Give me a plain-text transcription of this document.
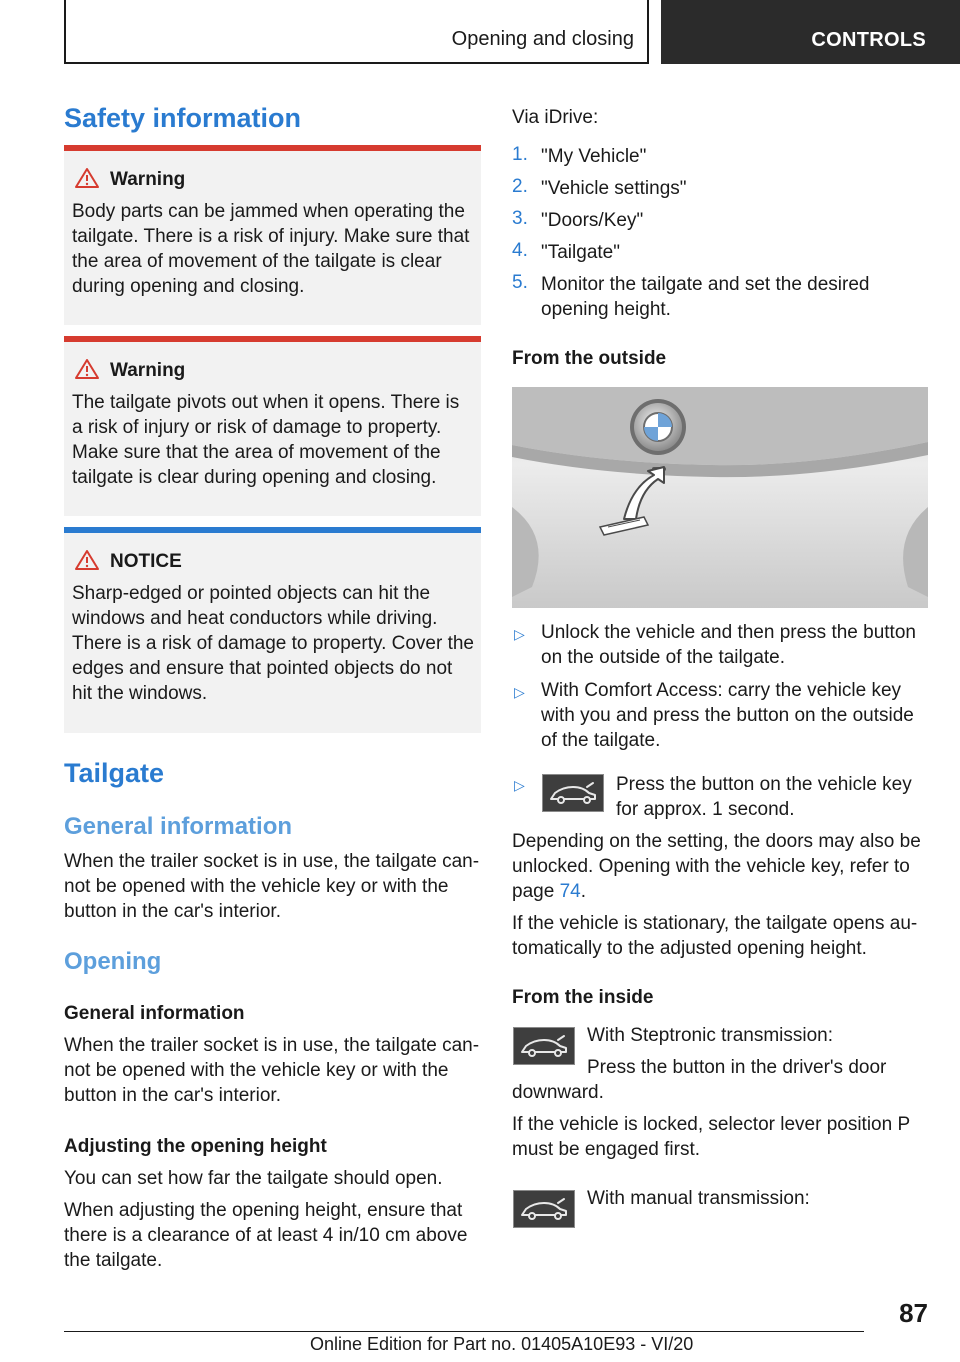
Opening and closing	CONTROLS
Safety information
Warning
Body parts can be jammed when operating the tailgate. There is a risk of injury. Make sure that the area of movement of the tailgate is clear during opening and closing.
Warning
The tailgate pivots out when it opens. There is a risk of injury or risk of damage to property. Make sure that the area of movement of the tailgate is clear during opening and closing.
NOTICE
Sharp-edged or pointed objects can hit the windows and heat conductors while driving. There is a risk of damage to property. Cover the edges and ensure that pointed objects do not hit the windows.
Tailgate
General information
When the trailer socket is in use, the tailgate cannot be opened with the vehicle key or with the button in the car's interior.
Opening
General information
When the trailer socket is in use, the tailgate cannot be opened with the vehicle key or with the button in the car's interior.
Adjusting the opening height
You can set how far the tailgate should open.
When adjusting the opening height, ensure that there is a clearance of at least 4 in/10 cm above the tailgate.
Via iDrive:
1. "My Vehicle"
2. "Vehicle settings"
3. "Doors/Key"
4. "Tailgate"
5. Monitor the tailgate and set the desired opening height.
From the outside
▷ Unlock the vehicle and then press the button on the outside of the tailgate.
▷ With Comfort Access: carry the vehicle key with you and press the button on the outside of the tailgate.
▷	Press the button on the vehicle key for approx. 1 second.
Depending on the setting, the doors may also be unlocked. Opening with the vehicle key, refer to page 74.
If the vehicle is stationary, the tailgate opens automatically to the adjusted opening height.
From the inside
With Steptronic transmission:
Press the button in the driver's door downward.
If the vehicle is locked, selector lever position P must be engaged first.
With manual transmission:
87
Online Edition for Part no. 01405A10E93 - VI/20
